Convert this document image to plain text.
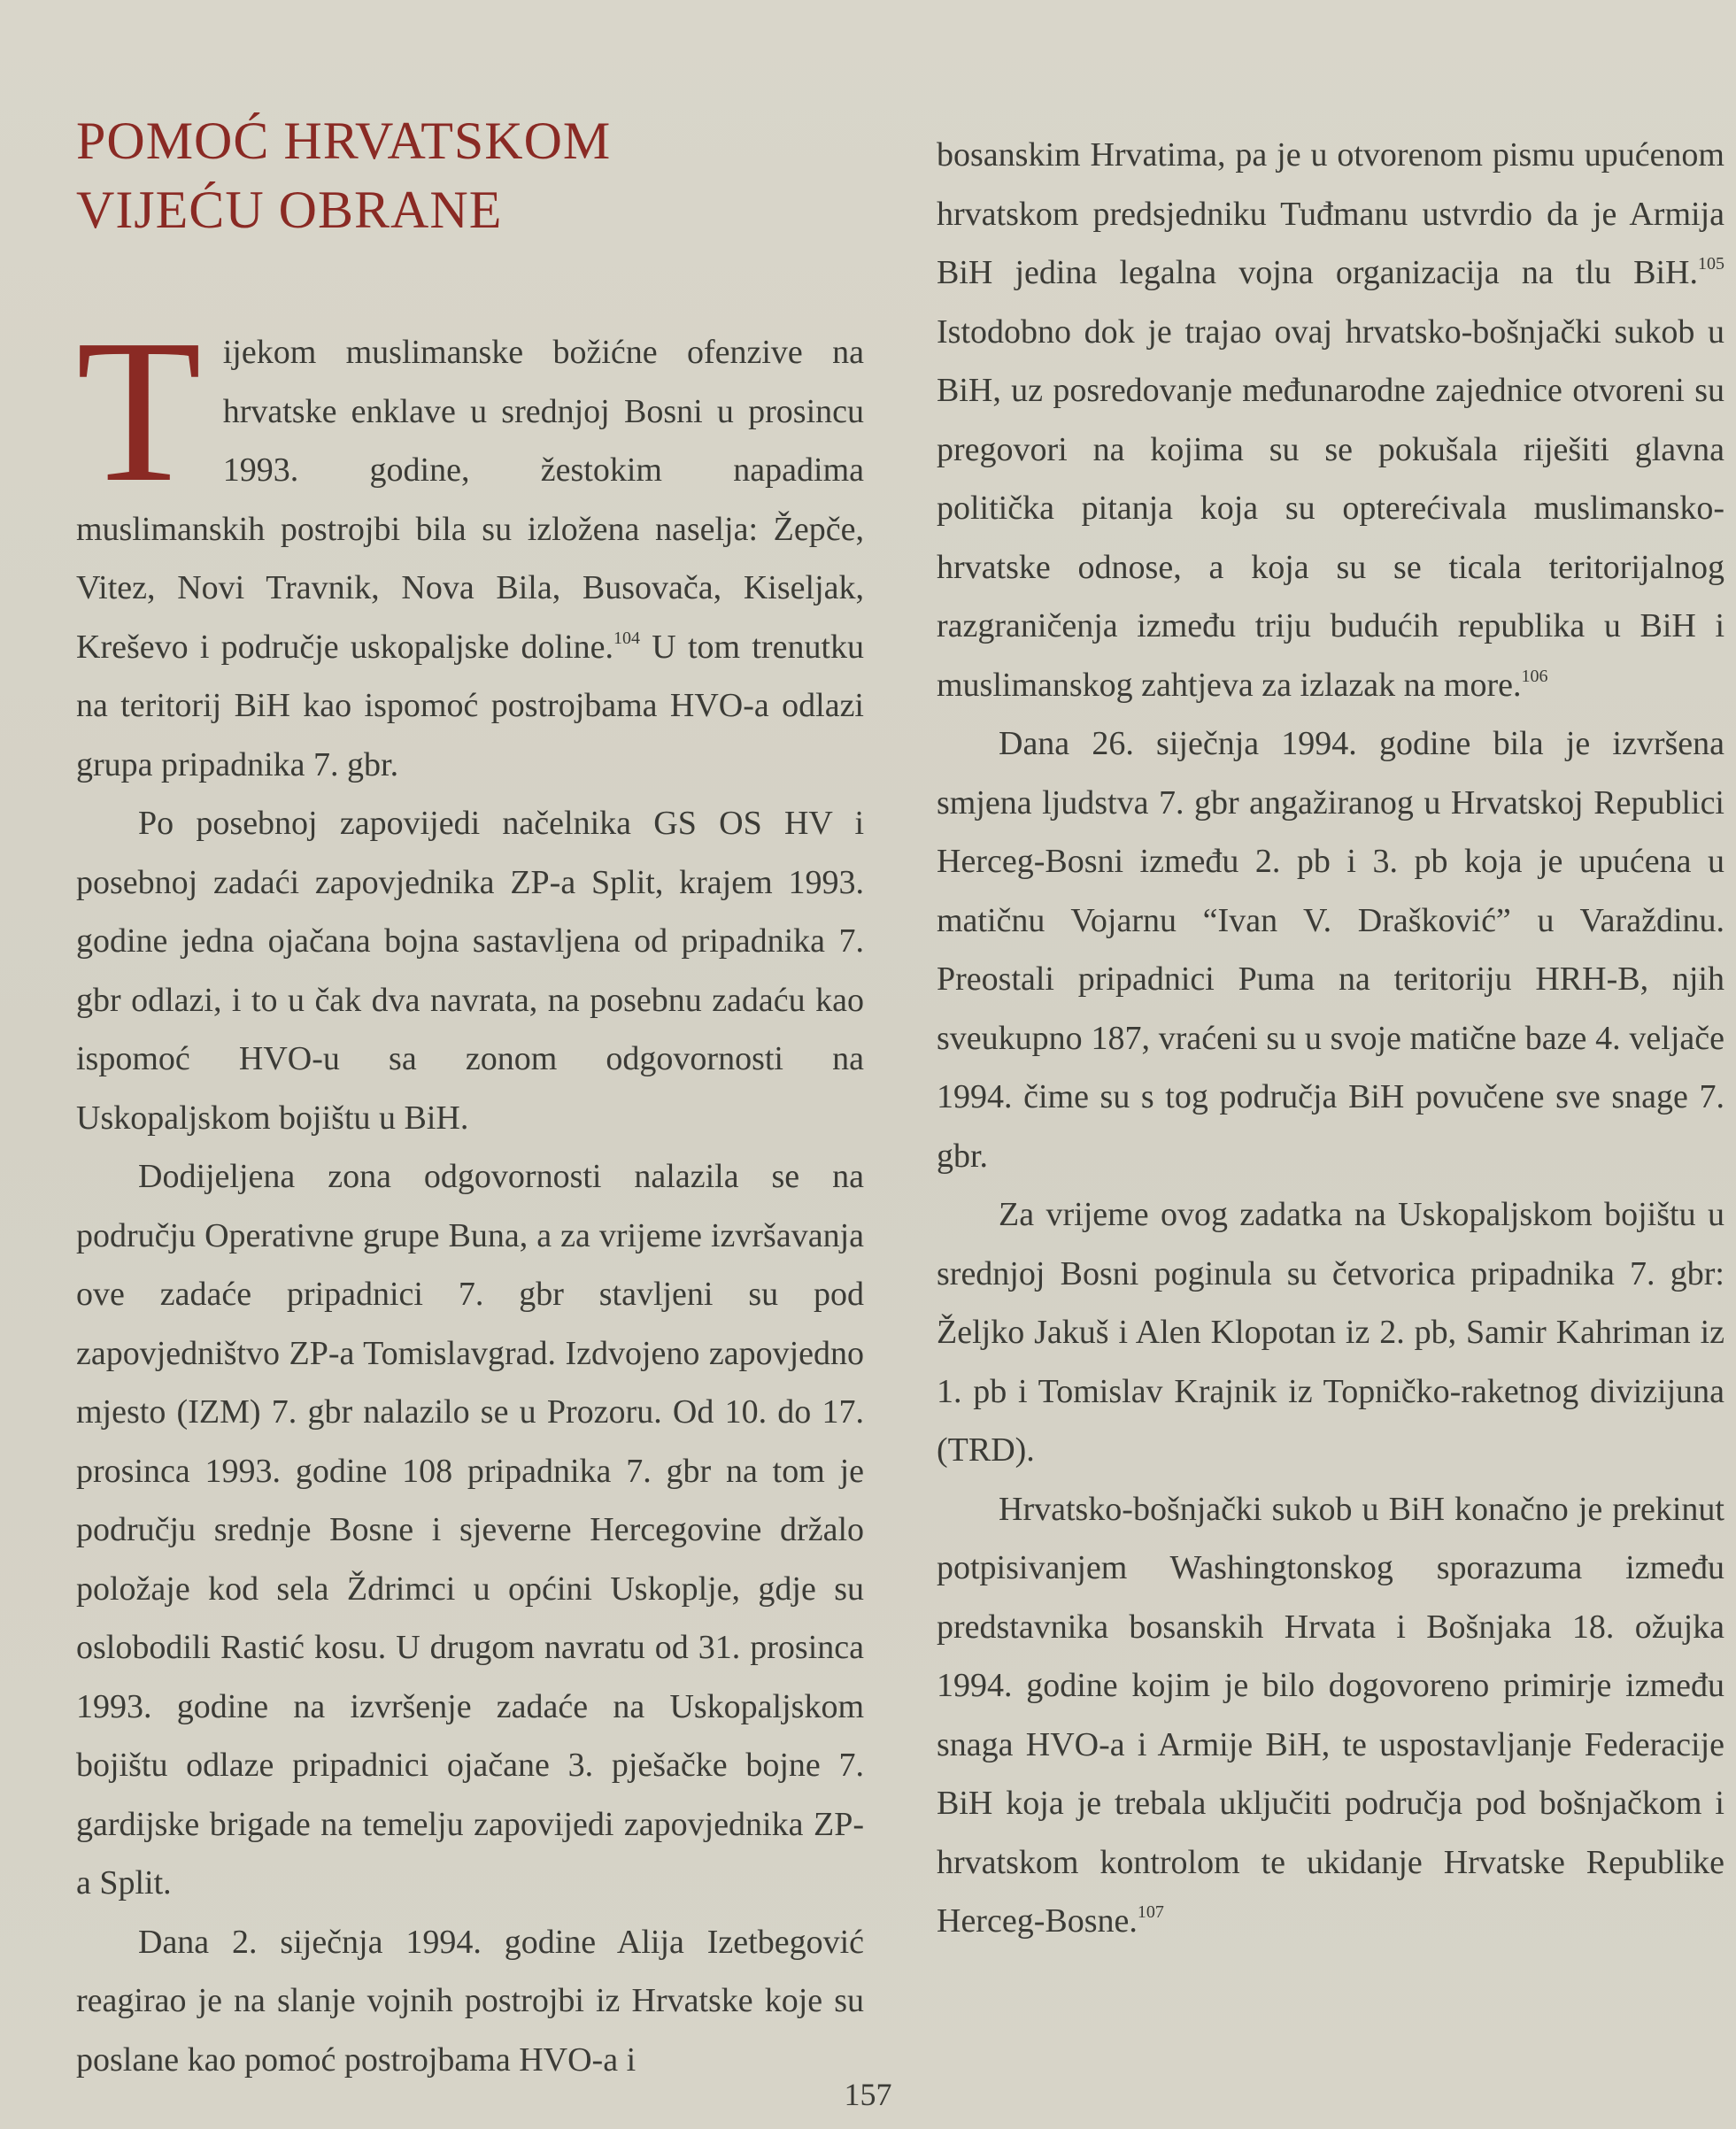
POMOĆ HRVATSKOM
VIJEĆU OBRANE

Tijekom muslimanske božićne ofenzive na hrvatske enklave u srednjoj Bosni u prosincu 1993. godine, žestokim napadima muslimanskih postrojbi bila su izložena naselja: Žepče, Vitez, Novi Travnik, Nova Bila, Busovača, Kiseljak, Kreševo i područje uskopaljske doline.$^{104}$ U tom trenutku na teritorij BiH kao ispomoć postrojbama HVO-a odlazi grupa pripadnika 7. gbr.

Po posebnoj zapovijedi načelnika GS OS HV i posebnoj zadaći zapovjednika ZP-a Split, krajem 1993. godine jedna ojačana bojna sastavljena od pripadnika 7. gbr odlazi, i to u čak dva navrata, na posebnu zadaću kao ispomoć HVO-u sa zonom odgovornosti na Uskopaljskom bojištu u BiH.

Dodijeljena zona odgovornosti nalazila se na području Operativne grupe Buna, a za vrijeme izvršavanja ove zadaće pripadnici 7. gbr stavljeni su pod zapovjedništvo ZP-a Tomislavgrad. Izdvojeno zapovjedno mjesto (IZM) 7. gbr nalazilo se u Prozoru. Od 10. do 17. prosinca 1993. godine 108 pripadnika 7. gbr na tom je području srednje Bosne i sjeverne Hercegovine držalo položaje kod sela Ždrimci u općini Uskoplje, gdje su oslobodili Rastić kosu. U drugom navratu od 31. prosinca 1993. godine na izvršenje zadaće na Uskopaljskom bojištu odlaze pripadnici ojačane 3. pješačke bojne 7. gardijske brigade na temelju zapovijedi zapovjednika ZP-a Split.

Dana 2. siječnja 1994. godine Alija Izetbegović reagirao je na slanje vojnih postrojbi iz Hrvatske koje su poslane kao pomoć postrojbama HVO-a i

bosanskim Hrvatima, pa je u otvorenom pismu upućenom hrvatskom predsjedniku Tuđmanu ustvrdio da je Armija BiH jedina legalna vojna organizacija na tlu BiH.$^{105}$ Istodobno dok je trajao ovaj hrvatsko-bošnjački sukob u BiH, uz posredovanje međunarodne zajednice otvoreni su pregovori na kojima su se pokušala riješiti glavna politička pitanja koja su opterećivala muslimansko-hrvatske odnose, a koja su se ticala teritorijalnog razgraničenja između triju budućih republika u BiH i muslimanskog zahtjeva za izlazak na more.$^{106}$

Dana 26. siječnja 1994. godine bila je izvršena smjena ljudstva 7. gbr angažiranog u Hrvatskoj Republici Herceg-Bosni između 2. pb i 3. pb koja je upućena u matičnu Vojarnu “Ivan V. Drašković” u Varaždinu. Preostali pripadnici Puma na teritoriju HRH-B, njih sveukupno 187, vraćeni su u svoje matične baze 4. veljače 1994. čime su s tog područja BiH povučene sve snage 7. gbr.

Za vrijeme ovog zadatka na Uskopaljskom bojištu u srednjoj Bosni poginula su četvorica pripadnika 7. gbr: Željko Jakuš i Alen Klopotan iz 2. pb, Samir Kahriman iz 1. pb i Tomislav Krajnik iz Topničko-raketnog divizijuna (TRD).

Hrvatsko-bošnjački sukob u BiH konačno je prekinut potpisivanjem Washingtonskog sporazuma između predstavnika bosanskih Hrvata i Bošnjaka 18. ožujka 1994. godine kojim je bilo dogovoreno primirje između snaga HVO-a i Armije BiH, te uspostavljanje Federacije BiH koja je trebala uključiti područja pod bošnjačkom i hrvatskom kontrolom te ukidanje Hrvatske Republike Herceg-Bosne.$^{107}$

157
